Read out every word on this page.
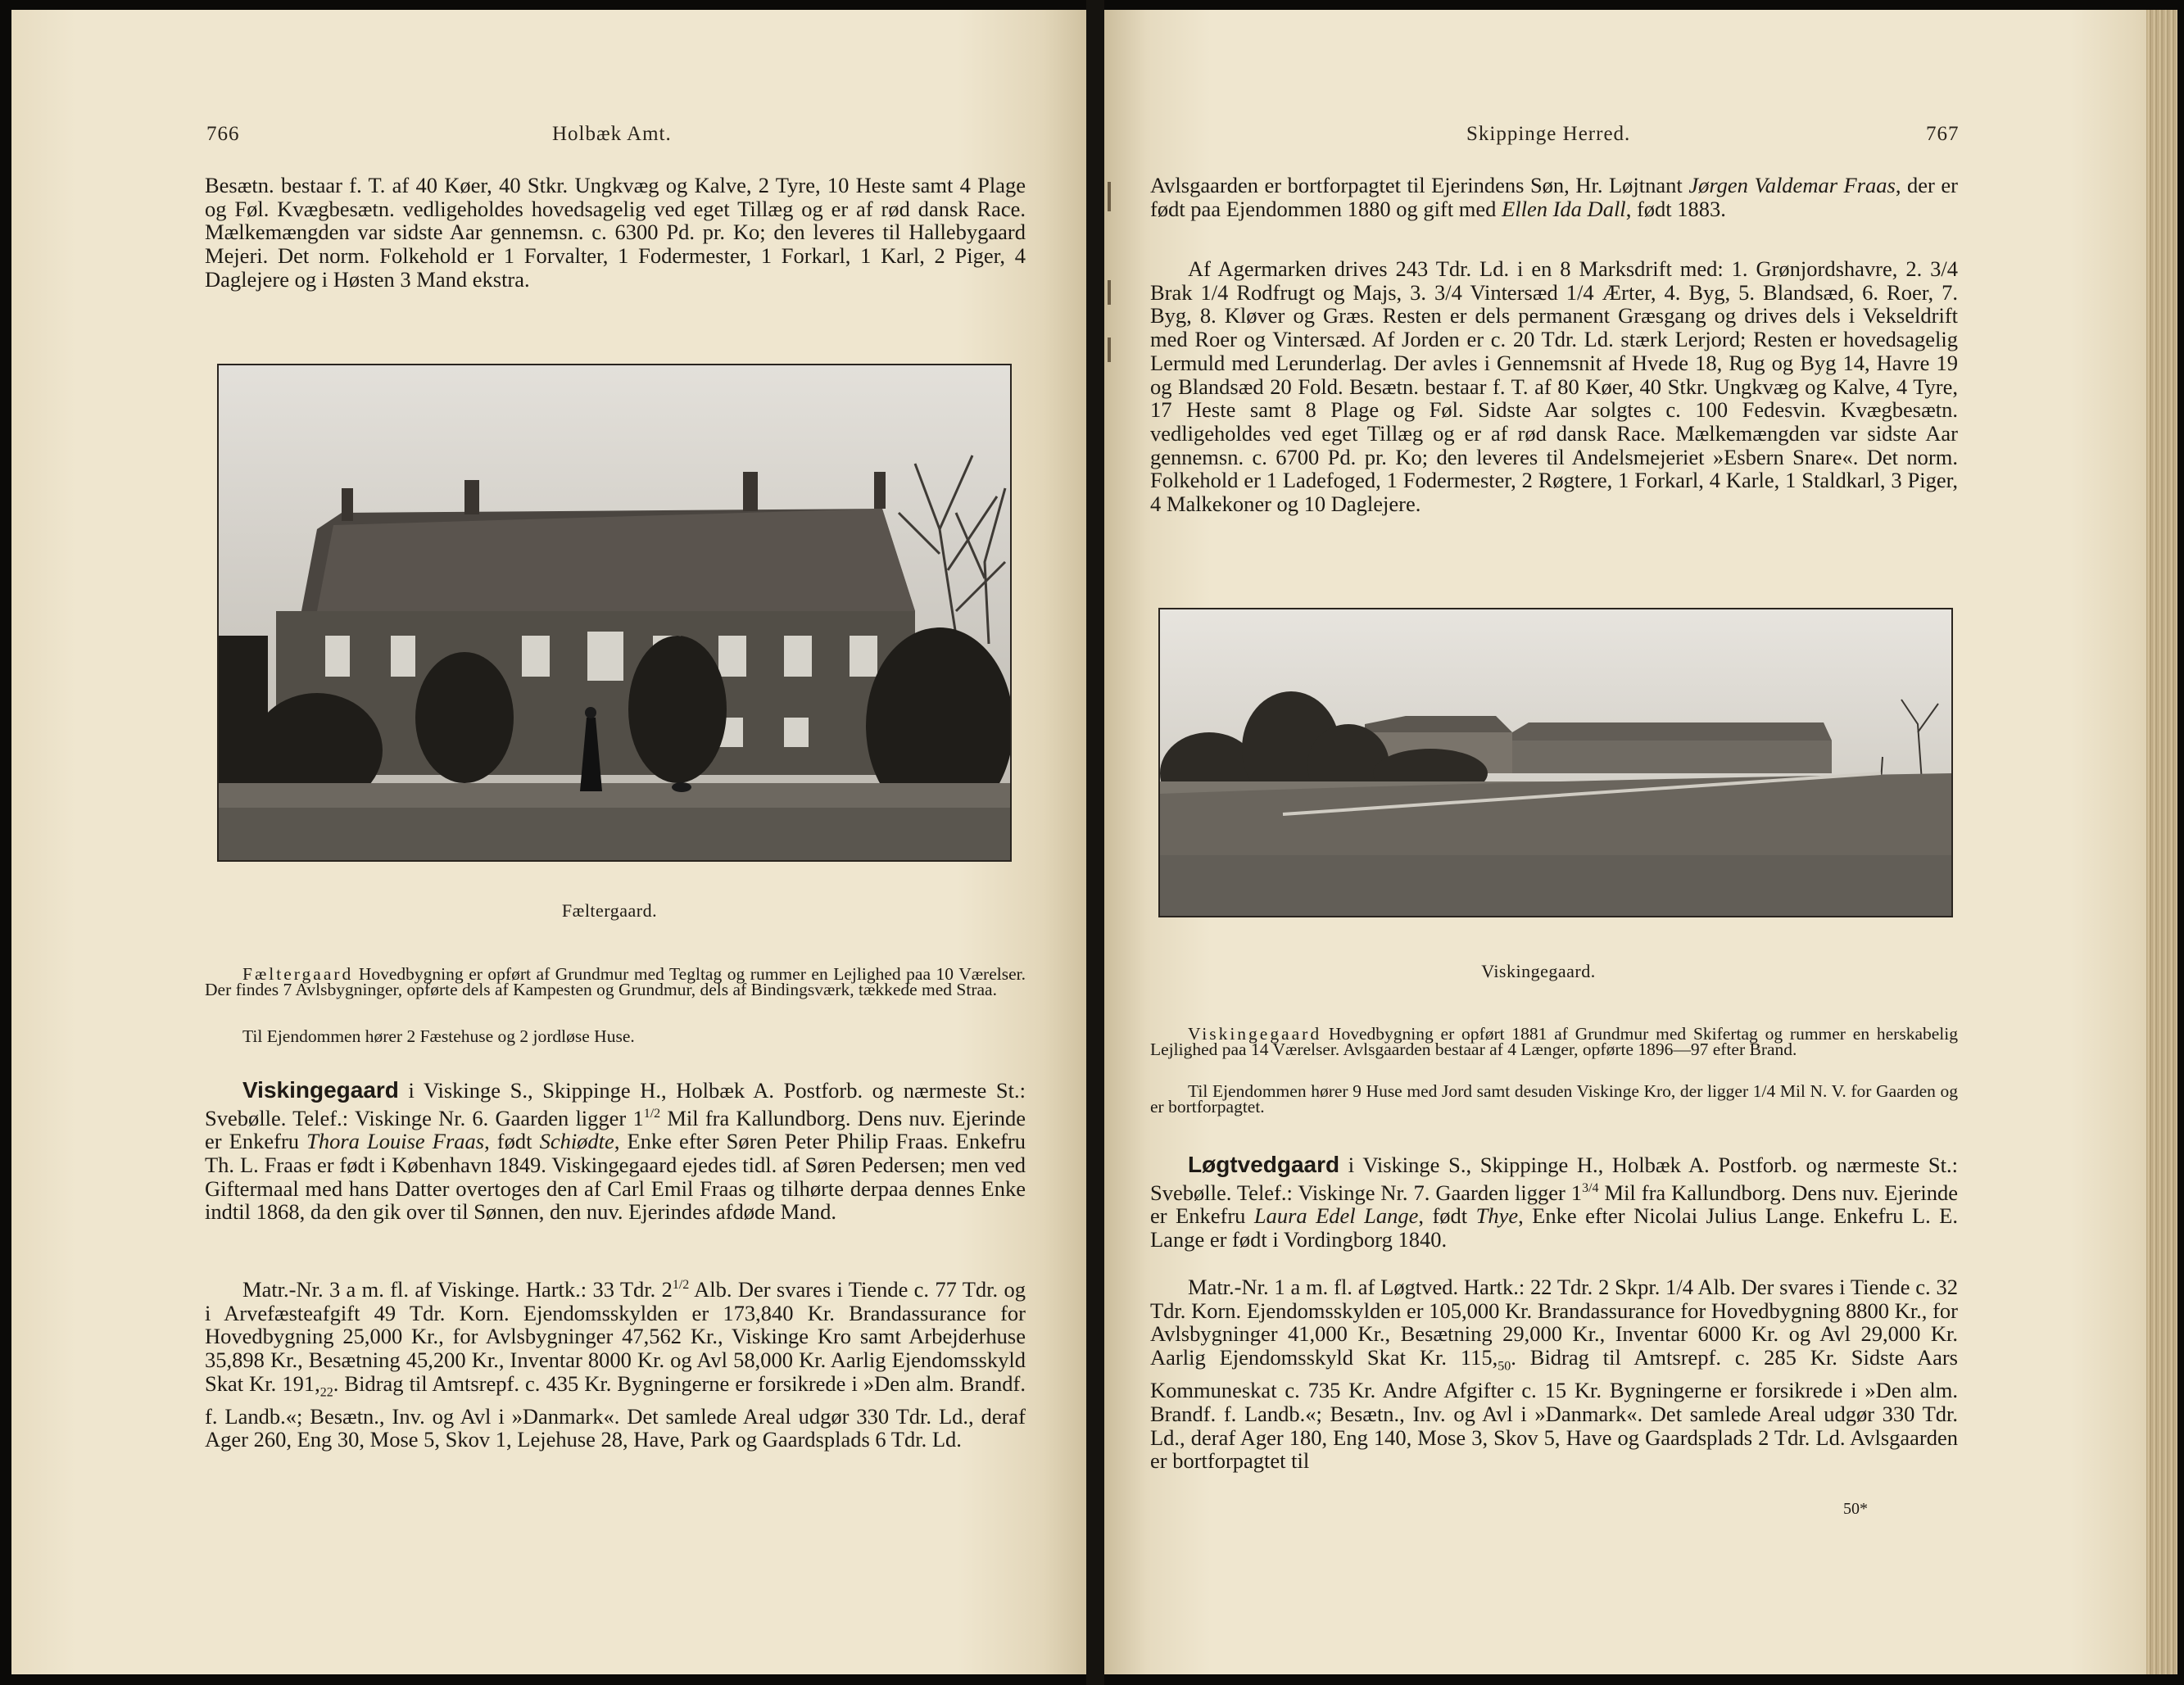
766	Holbæk Amt.

Besætn. bestaar f. T. af 40 Køer, 40 Stkr. Ungkvæg og Kalve, 2 Tyre, 10 Heste samt 4 Plage og Føl. Kvægbesætn. vedligeholdes hovedsagelig ved eget Tillæg og er af rød dansk Race. Mælkemængden var sidste Aar gennemsn. c. 6300 Pd. pr. Ko; den leveres til Hallebygaard Mejeri. Det norm. Folkehold er 1 Forvalter, 1 Fodermester, 1 Forkarl, 1 Karl, 2 Piger, 4 Daglejere og i Høsten 3 Mand ekstra.

Fæltergaard.

Fæltergaard Hovedbygning er opført af Grundmur med Tegltag og rummer en Lejlighed paa 10 Værelser. Der findes 7 Avlsbygninger, opførte dels af Kampesten og Grundmur, dels af Bindingsværk, tækkede med Straa.

Til Ejendommen hører 2 Fæstehuse og 2 jordløse Huse.

Viskingegaard i Viskinge S., Skippinge H., Holbæk A. Postforb. og nærmeste St.: Svebølle. Telef.: Viskinge Nr. 6. Gaarden ligger $1^{1/2}$ Mil fra Kallundborg. Dens nuv. Ejerinde er Enkefru Thora Louise Fraas, født Schiødte, Enke efter Søren Peter Philip Fraas. Enkefru Th. L. Fraas er født i København 1849. Viskingegaard ejedes tidl. af Søren Pedersen; men ved Giftermaal med hans Datter overtoges den af Carl Emil Fraas og tilhørte derpaa dennes Enke indtil 1868, da den gik over til Sønnen, den nuv. Ejerindes afdøde Mand.

Matr.-Nr. 3 a m. fl. af Viskinge. Hartk.: 33 Tdr. $2^{1/2}$ Alb. Der svares i Tiende c. 77 Tdr. og i Arvefæsteafgift 49 Tdr. Korn. Ejendomsskylden er 173,840 Kr. Brandassurance for Hovedbygning 25,000 Kr., for Avlsbygninger 47,562 Kr., Viskinge Kro samt Arbejderhuse 35,898 Kr., Besætning 45,200 Kr., Inventar 8000 Kr. og Avl 58,000 Kr. Aarlig Ejendomsskyld Skat Kr. $191,_{22}$. Bidrag til Amtsrepf. c. 435 Kr. Bygningerne er forsikrede i »Den alm. Brandf. f. Landb.«; Besætn., Inv. og Avl i »Danmark«. Det samlede Areal udgør 330 Tdr. Ld., deraf Ager 260, Eng 30, Mose 5, Skov 1, Lejehuse 28, Have, Park og Gaardsplads 6 Tdr. Ld.

Skippinge Herred.	767

Avlsgaarden er bortforpagtet til Ejerindens Søn, Hr. Løjtnant Jørgen Valdemar Fraas, der er født paa Ejendommen 1880 og gift med Ellen Ida Dall, født 1883.

Af Agermarken drives 243 Tdr. Ld. i en 8 Marksdrift med: 1. Grønjordshavre, 2. 3/4 Brak 1/4 Rodfrugt og Majs, 3. 3/4 Vintersæd 1/4 Ærter, 4. Byg, 5. Blandsæd, 6. Roer, 7. Byg, 8. Kløver og Græs. Resten er dels permanent Græsgang og drives dels i Vekseldrift med Roer og Vintersæd. Af Jorden er c. 20 Tdr. Ld. stærk Lerjord; Resten er hovedsagelig Lermuld med Lerunderlag. Der avles i Gennemsnit af Hvede 18, Rug og Byg 14, Havre 19 og Blandsæd 20 Fold. Besætn. bestaar f. T. af 80 Køer, 40 Stkr. Ungkvæg og Kalve, 4 Tyre, 17 Heste samt 8 Plage og Føl. Sidste Aar solgtes c. 100 Fedesvin. Kvægbesætn. vedligeholdes ved eget Tillæg og er af rød dansk Race. Mælkemængden var sidste Aar gennemsn. c. 6700 Pd. pr. Ko; den leveres til Andelsmejeriet »Esbern Snare«. Det norm. Folkehold er 1 Ladefoged, 1 Fodermester, 2 Røgtere, 1 Forkarl, 4 Karle, 1 Staldkarl, 3 Piger, 4 Malkekoner og 10 Daglejere.

Viskingegaard.

Viskingegaard Hovedbygning er opført 1881 af Grundmur med Skifertag og rummer en herskabelig Lejlighed paa 14 Værelser. Avlsgaarden bestaar af 4 Længer, opførte 1896—97 efter Brand.

Til Ejendommen hører 9 Huse med Jord samt desuden Viskinge Kro, der ligger 1/4 Mil N. V. for Gaarden og er bortforpagtet.

Løgtvedgaard i Viskinge S., Skippinge H., Holbæk A. Postforb. og nærmeste St.: Svebølle. Telef.: Viskinge Nr. 7. Gaarden ligger $1^{3/4}$ Mil fra Kallundborg. Dens nuv. Ejerinde er Enkefru Laura Edel Lange, født Thye, Enke efter Nicolai Julius Lange. Enkefru L. E. Lange er født i Vordingborg 1840.

Matr.-Nr. 1 a m. fl. af Løgtved. Hartk.: 22 Tdr. 2 Skpr. 1/4 Alb. Der svares i Tiende c. 32 Tdr. Korn. Ejendomsskylden er 105,000 Kr. Brandassurance for Hovedbygning 8800 Kr., for Avlsbygninger 41,000 Kr., Besætning 29,000 Kr., Inventar 6000 Kr. og Avl 29,000 Kr. Aarlig Ejendomsskyld Skat Kr. $115,_{50}$. Bidrag til Amtsrepf. c. 285 Kr. Sidste Aars Kommuneskat c. 735 Kr. Andre Afgifter c. 15 Kr. Bygningerne er forsikrede i »Den alm. Brandf. f. Landb.«; Besætn., Inv. og Avl i »Danmark«. Det samlede Areal udgør 330 Tdr. Ld., deraf Ager 180, Eng 140, Mose 3, Skov 5, Have og Gaardsplads 2 Tdr. Ld. Avlsgaarden er bortforpagtet til

50*
